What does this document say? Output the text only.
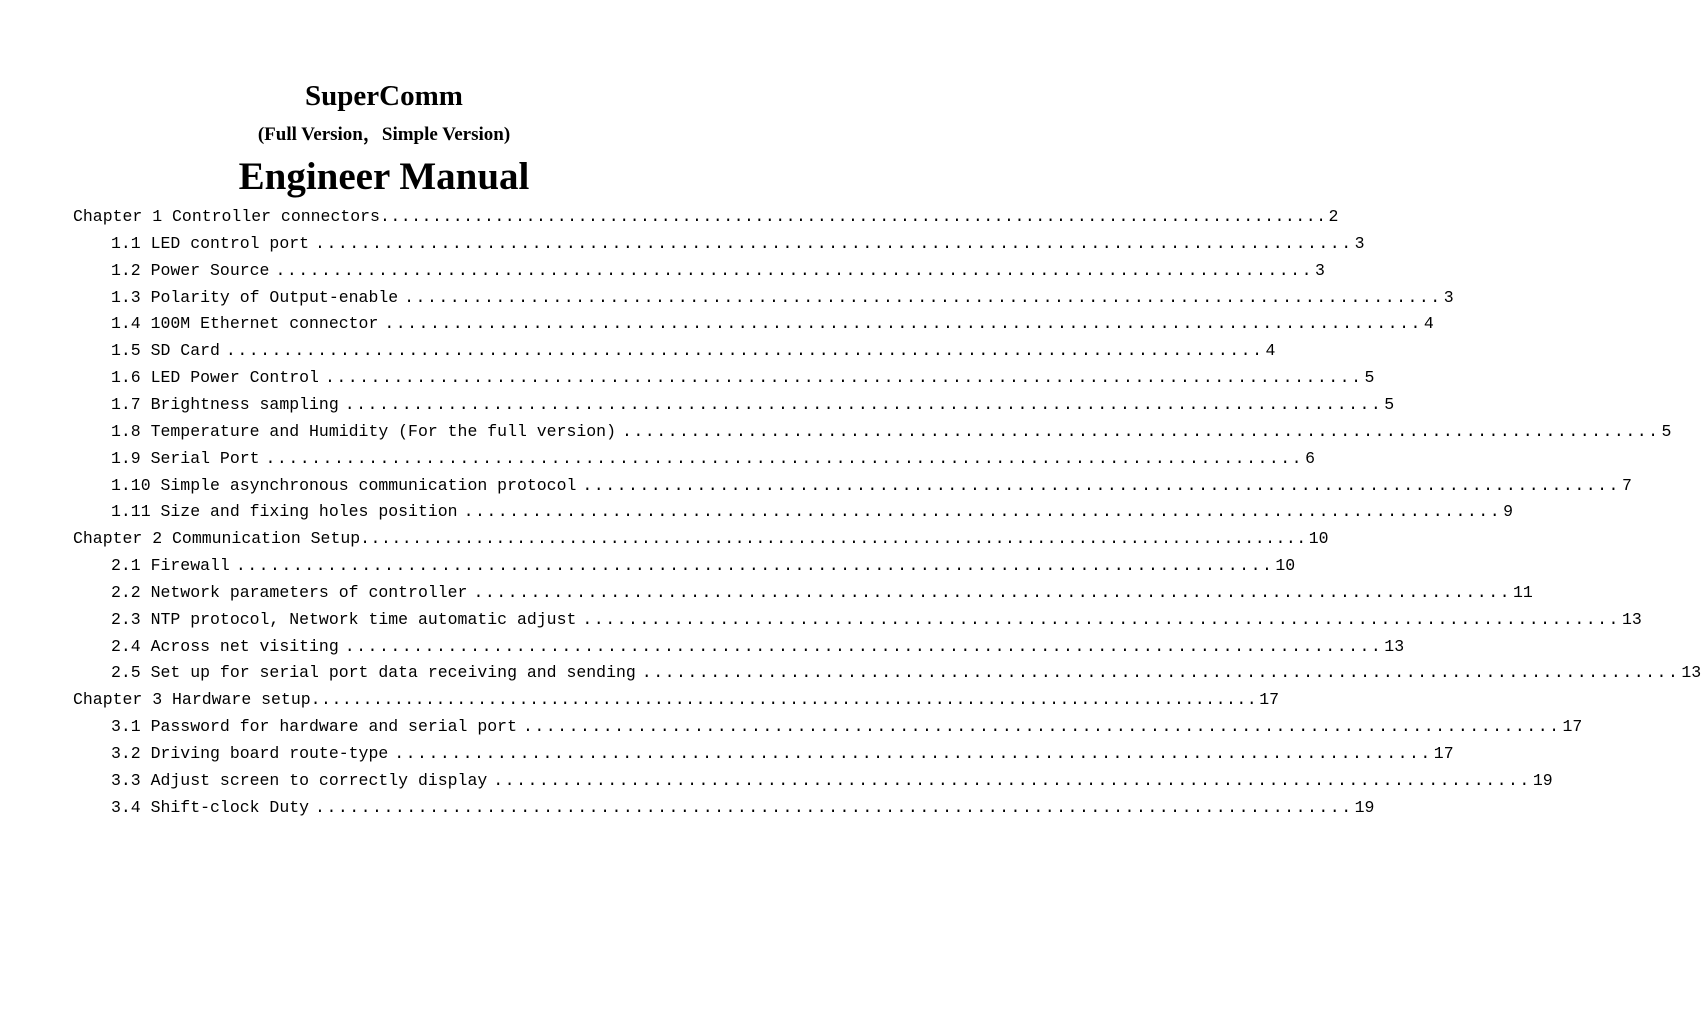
SuperComm
(Full Version，Simple Version)
Engineer Manual
Chapter 1 Controller connectors ........................................................................................... 2
1.1 LED control port ........................................................................................... 3
1.2 Power Source ........................................................................................... 3
1.3 Polarity of Output-enable ........................................................................................... 3
1.4 100M Ethernet connector ........................................................................................... 4
1.5 SD Card ........................................................................................... 4
1.6 LED Power Control ........................................................................................... 5
1.7 Brightness sampling ........................................................................................... 5
1.8 Temperature and Humidity (For the full version) ........................................................................................... 5
1.9 Serial Port ........................................................................................... 6
1.10 Simple asynchronous communication protocol ........................................................................................... 7
1.11 Size and fixing holes position ........................................................................................... 9
Chapter 2 Communication Setup ........................................................................................... 10
2.1 Firewall ........................................................................................... 10
2.2 Network parameters of controller ........................................................................................... 11
2.3 NTP protocol, Network time automatic adjust ........................................................................................... 13
2.4 Across net visiting ........................................................................................... 13
2.5 Set up for serial port data receiving and sending ........................................................................................... 13
Chapter 3 Hardware setup ........................................................................................... 17
3.1 Password for hardware and serial port ........................................................................................... 17
3.2 Driving board route-type ........................................................................................... 17
3.3 Adjust screen to correctly display ........................................................................................... 19
3.4 Shift-clock Duty ........................................................................................... 19
